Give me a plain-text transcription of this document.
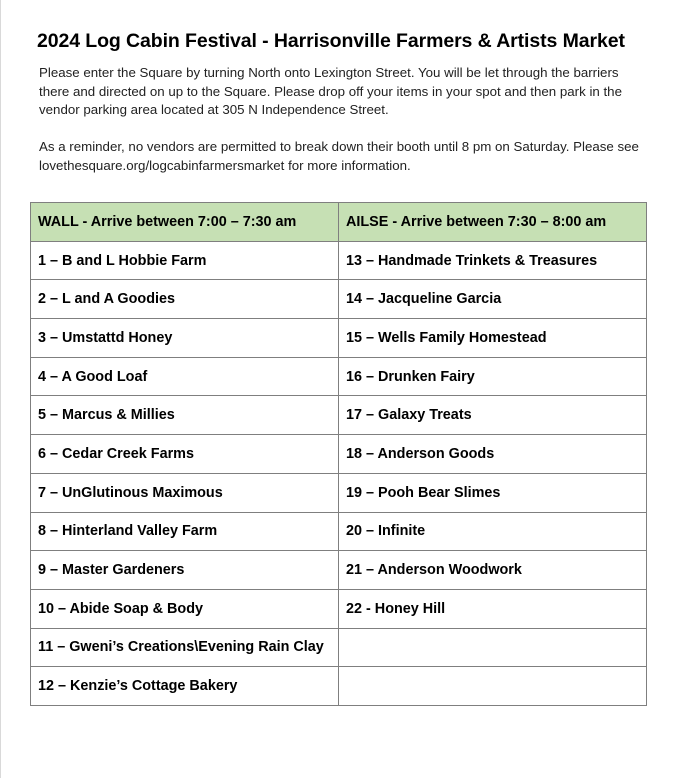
2024 Log Cabin Festival - Harrisonville Farmers & Artists Market

Please enter the Square by turning North onto Lexington Street. You will be let through the barriers there and directed on up to the Square. Please drop off your items in your spot and then park in the vendor parking area located at 305 N Independence Street.

As a reminder, no vendors are permitted to break down their booth until 8 pm on Saturday. Please see lovethesquare.org/logcabinfarmersmarket for more information.

WALL - Arrive between 7:00 – 7:30 am	AILSE - Arrive between 7:30 – 8:00 am
1 – B and L Hobbie Farm	13 – Handmade Trinkets & Treasures
2 – L and A Goodies	14 – Jacqueline Garcia
3 – Umstattd Honey	15 – Wells Family Homestead
4 – A Good Loaf	16 – Drunken Fairy
5 – Marcus & Millies	17 – Galaxy Treats
6 – Cedar Creek Farms	18 – Anderson Goods
7 – UnGlutinous Maximous	19 – Pooh Bear Slimes
8 – Hinterland Valley Farm	20 – Infinite
9 – Master Gardeners	21 – Anderson Woodwork
10 – Abide Soap & Body	22 - Honey Hill
11 – Gweni’s Creations\Evening Rain Clay	
12 – Kenzie’s Cottage Bakery	
